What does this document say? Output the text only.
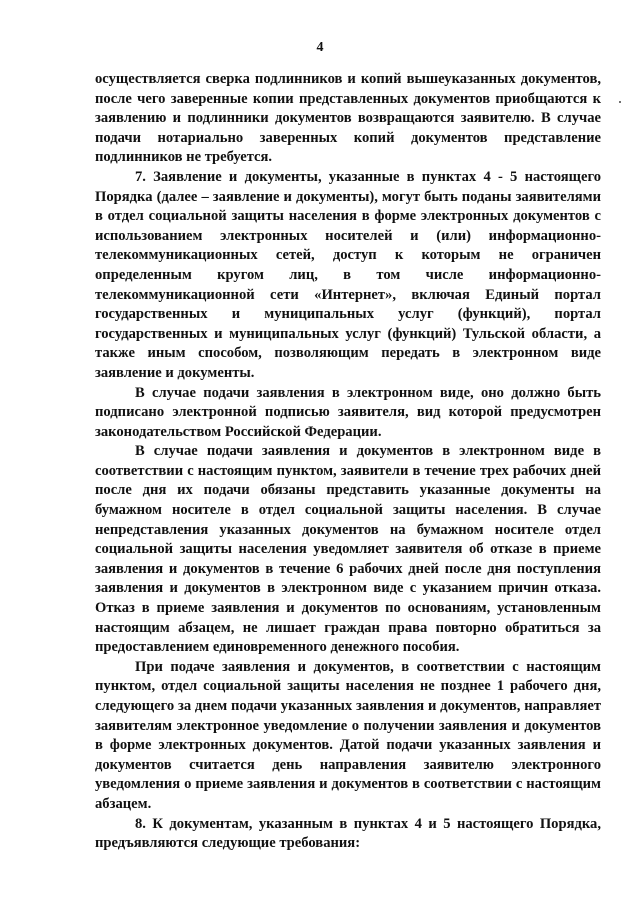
4

осуществляется сверка подлинников и копий вышеуказанных документов, после чего заверенные копии представленных документов приобщаются к заявлению и подлинники документов возвращаются заявителю. В случае подачи нотариально заверенных копий документов представление подлинников не требуется.

7. Заявление и документы, указанные в пунктах 4 - 5 настоящего Порядка (далее – заявление и документы), могут быть поданы заявителями в отдел социальной защиты населения в форме электронных документов с использованием электронных носителей и (или) информационно-телекоммуникационных сетей, доступ к которым не ограничен определенным кругом лиц, в том числе информационно-телекоммуникационной сети «Интернет», включая Единый портал государственных и муниципальных услуг (функций), портал государственных и муниципальных услуг (функций) Тульской области, а также иным способом, позволяющим передать в электронном виде заявление и документы.

В случае подачи заявления в электронном виде, оно должно быть подписано электронной подписью заявителя, вид которой предусмотрен законодательством Российской Федерации.

В случае подачи заявления и документов в электронном виде в соответствии с настоящим пунктом, заявители в течение трех рабочих дней после дня их подачи обязаны представить указанные документы на бумажном носителе в отдел социальной защиты населения. В случае непредставления указанных документов на бумажном носителе отдел социальной защиты населения уведомляет заявителя об отказе в приеме заявления и документов в течение 6 рабочих дней после дня поступления заявления и документов в электронном виде с указанием причин отказа. Отказ в приеме заявления и документов по основаниям, установленным настоящим абзацем, не лишает граждан права повторно обратиться за предоставлением единовременного денежного пособия.

При подаче заявления и документов, в соответствии с настоящим пунктом, отдел социальной защиты населения не позднее 1 рабочего дня, следующего за днем подачи указанных заявления и документов, направляет заявителям электронное уведомление о получении заявления и документов в форме электронных документов. Датой подачи указанных заявления и документов считается день направления заявителю электронного уведомления о приеме заявления и документов в соответствии с настоящим абзацем.

8. К документам, указанным в пунктах 4 и 5 настоящего Порядка, предъявляются следующие требования:
